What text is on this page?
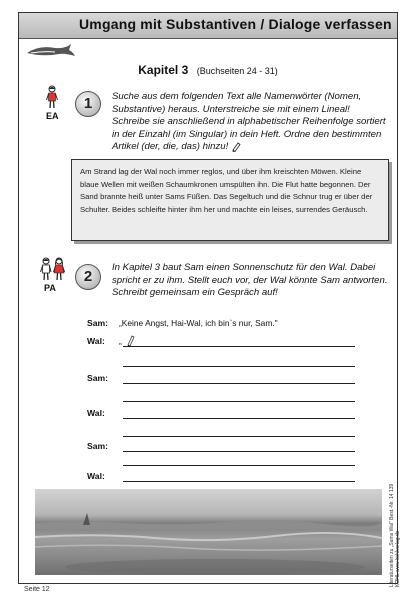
Umgang mit Substantiven / Dialoge verfassen
Kapitel 3 (Buchseiten 24 - 31)
EA
1	Suche aus dem folgenden Text alle Namenwörter (Nomen, Substantive) heraus. Unterstreiche sie mit einem Lineal! Schreibe sie anschließend in alphabetischer Reihenfolge sortiert in der Einzahl (im Singular) in dein Heft. Ordne den bestimmten Artikel (der, die, das) hinzu!
Am Strand lag der Wal noch immer reglos, und über ihm kreischten Möwen. Kleine blaue Wellen mit weißen Schaumkronen umspülten ihn. Die Flut hatte begonnen. Der Sand brannte heiß unter Sams Füßen. Das Segeltuch und die Schnur trug er über der Schulter. Beides schleifte hinter ihm her und machte ein leises, surrendes Geräusch.
PA
2
In Kapitel 3 baut Sam einen Sonnenschutz für den Wal. Dabei spricht er zu ihm. Stellt euch vor, der Wal könnte Sam antworten. Schreibt gemeinsam ein Gespräch auf!
Sam:	„Keine Angst, Hai-Wal, ich bin`s nur, Sam."
Wal:	„
Sam:
Wal:
Sam:
Wal:
Literaturseiten zu „Sams Wal" Best.-Nr. 14 139
KOHL www.kohlverlag.de
Seite 12
